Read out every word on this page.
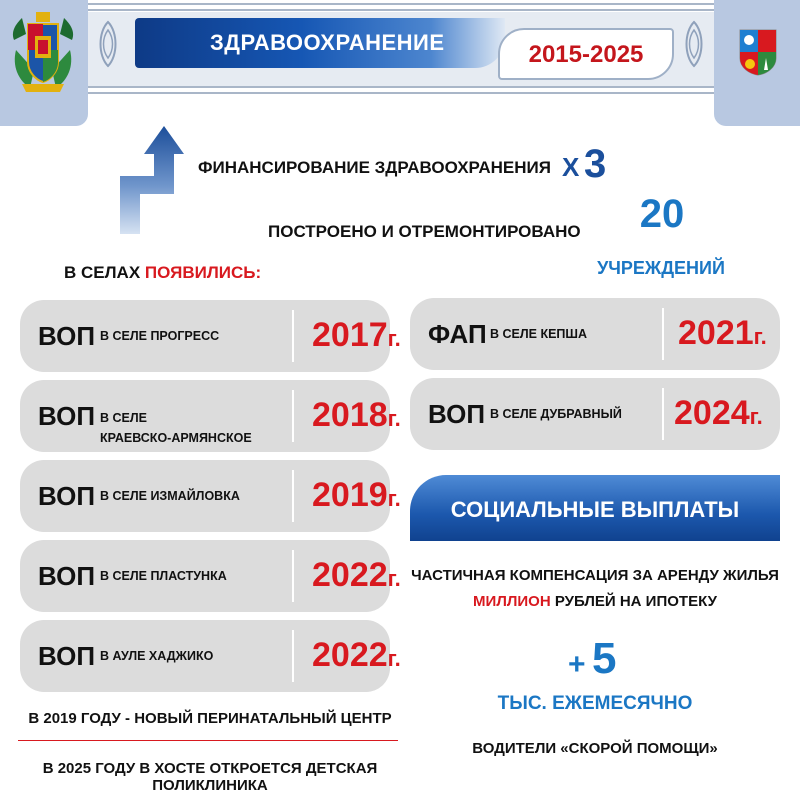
ЗДРАВООХРАНЕНИЕ	2015-2025
ФИНАНСИРОВАНИЕ ЗДРАВООХРАНЕНИЯ X 3
ПОСТРОЕНО И ОТРЕМОНТИРОВАНО 20
УЧРЕЖДЕНИЙ
В СЕЛАХ ПОЯВИЛИСЬ:
ВОП В СЕЛЕ ПРОГРЕСС	2017г.
ВОП В СЕЛЕ
КРАЕВСКО-АРМЯНСКОЕ
2018г.
ВОП В СЕЛЕ ИЗМАЙЛОВКА 2019г.
ВОП В СЕЛЕ ПЛАСТУНКА	2022г.
ВОП В АУЛЕ ХАДЖИКО	2022г.
ФАП В СЕЛЕ КЕПША	2021г.
ВОП В СЕЛЕ ДУБРАВНЫЙ 2024г.
СОЦИАЛЬНЫЕ ВЫПЛАТЫ
ЧАСТИЧНАЯ КОМПЕНСАЦИЯ ЗА АРЕНДУ ЖИЛЬЯ
МИЛЛИОН РУБЛЕЙ НА ИПОТЕКУ
+ 5
ТЫС. ЕЖЕМЕСЯЧНО
ВОДИТЕЛИ «СКОРОЙ ПОМОЩИ»
В 2019 ГОДУ - НОВЫЙ ПЕРИНАТАЛЬНЫЙ ЦЕНТР
В 2025 ГОДУ В ХОСТЕ ОТКРОЕТСЯ ДЕТСКАЯ ПОЛИКЛИНИКА
